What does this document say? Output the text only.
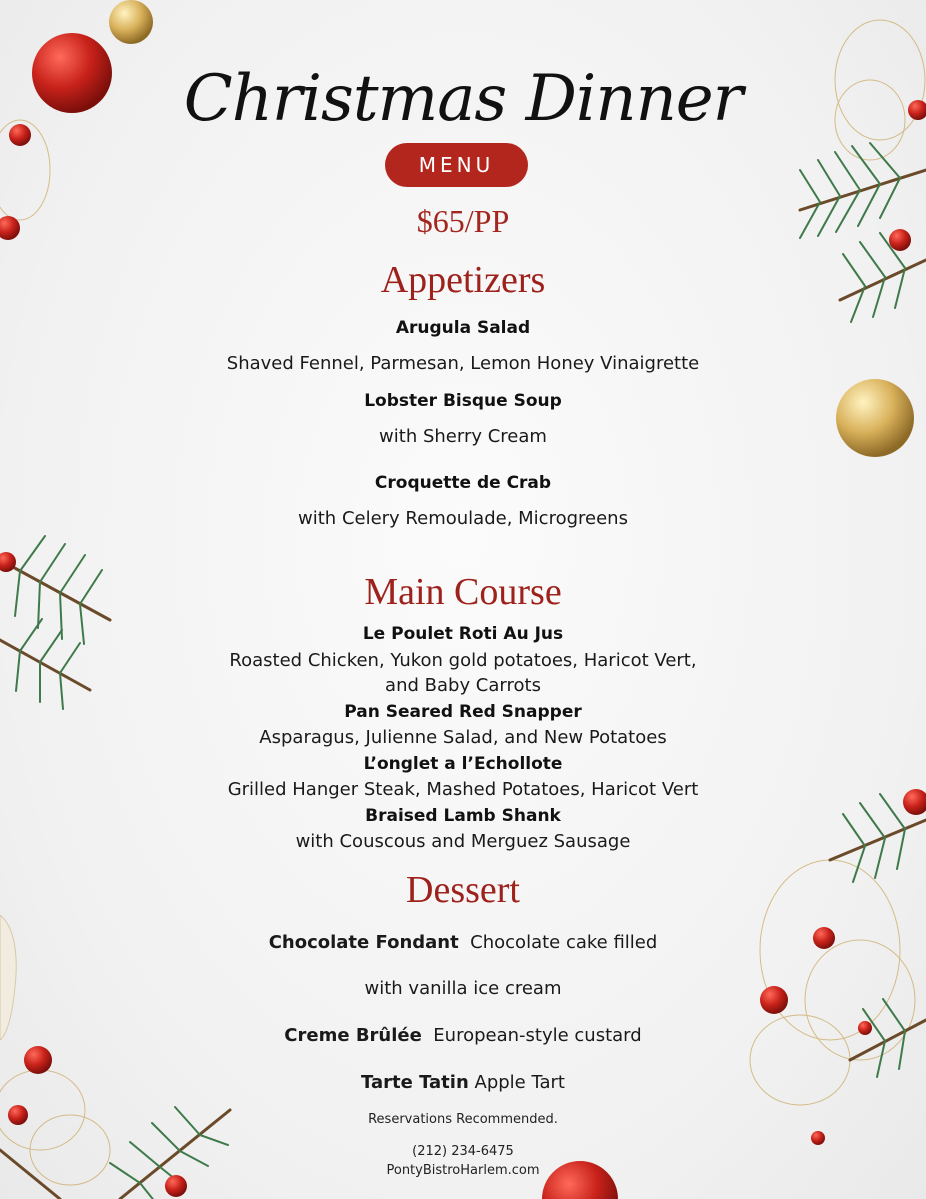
Christmas Dinner
MENU
$65/PP
Appetizers
Arugula Salad
Shaved Fennel, Parmesan, Lemon Honey Vinaigrette
Lobster Bisque Soup
with Sherry Cream
Croquette de Crab
with Celery Remoulade, Microgreens
Main Course
Le Poulet Roti Au Jus
Roasted Chicken, Yukon gold potatoes, Haricot Vert,
and Baby Carrots
Pan Seared Red Snapper
Asparagus, Julienne Salad, and New Potatoes
L’onglet a l’Echollote
Grilled Hanger Steak, Mashed Potatoes, Haricot Vert
Braised Lamb Shank
with Couscous and Merguez Sausage
Dessert
Chocolate Fondant Chocolate cake filled
with vanilla ice cream
Creme Brûlée European-style custard
Tarte Tatin Apple Tart
Reservations Recommended.
(212) 234-6475
PontyBistroHarlem.com
